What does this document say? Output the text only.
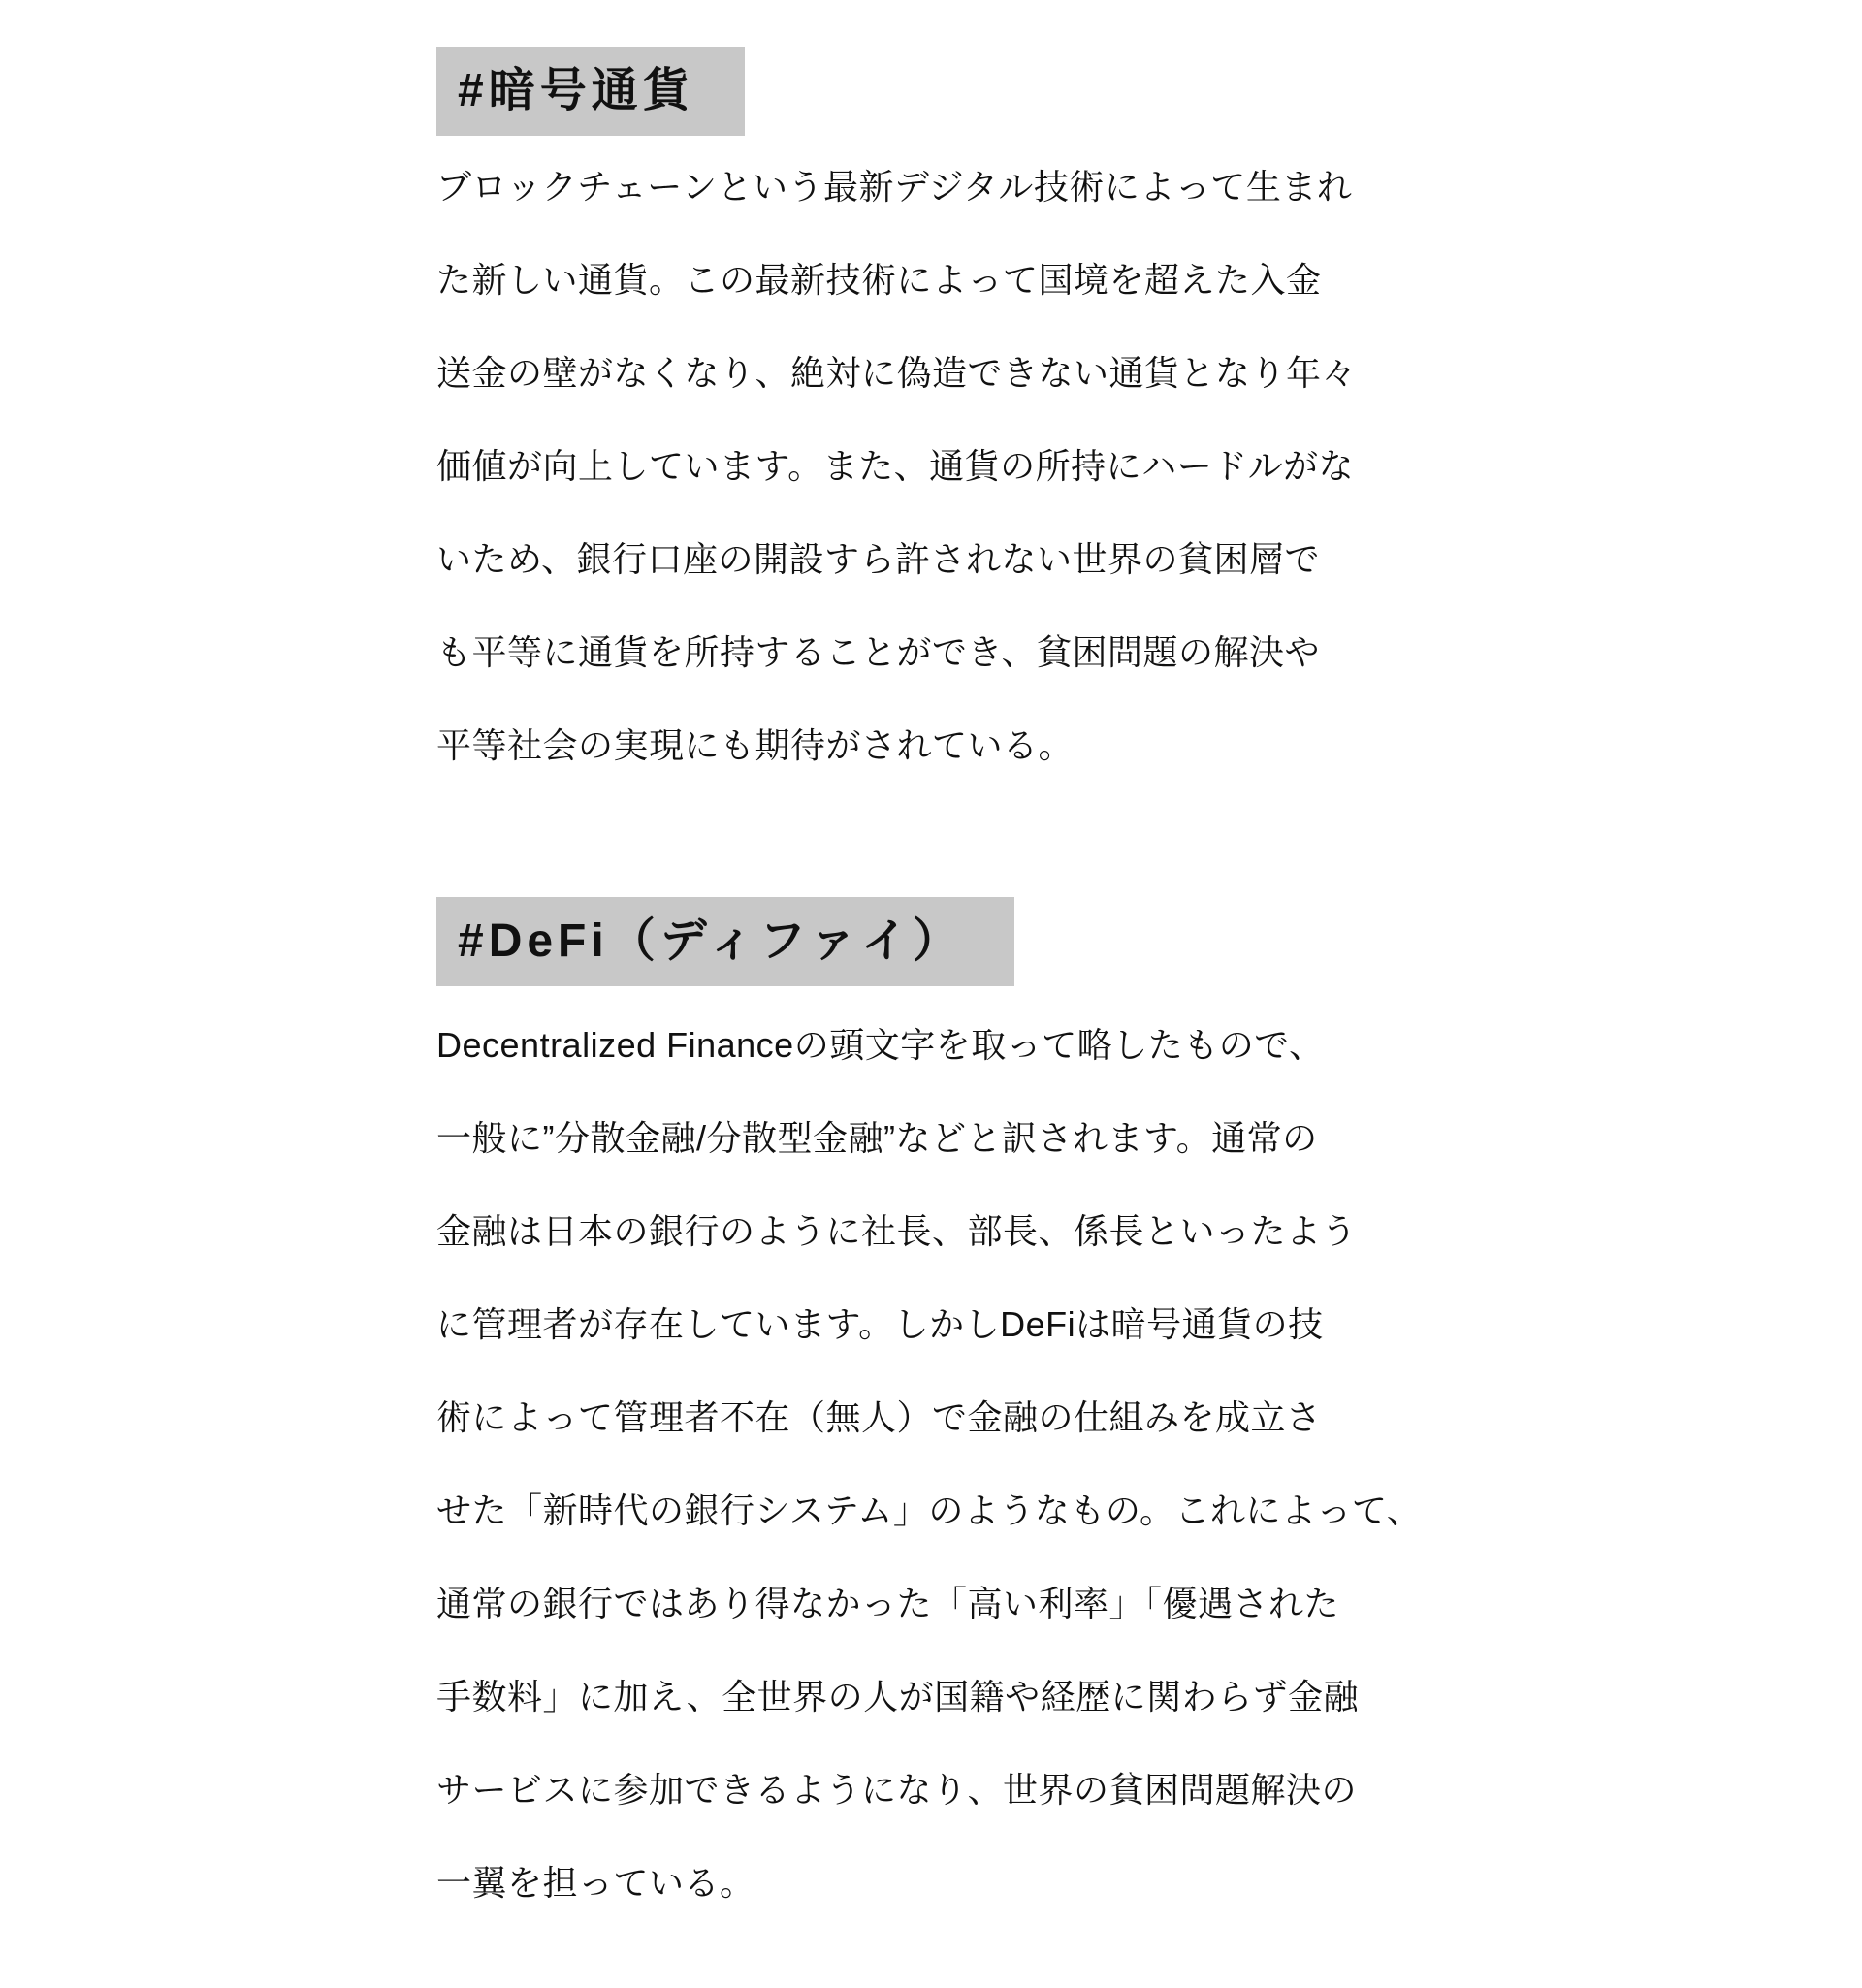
#暗号通貨
ブロックチェーンという最新デジタル技術によって生まれ
た新しい通貨。この最新技術によって国境を超えた入金
送金の壁がなくなり、絶対に偽造できない通貨となり年々
価値が向上しています。また、通貨の所持にハードルがな
いため、銀行口座の開設すら許されない世界の貧困層で
も平等に通貨を所持することができ、貧困問題の解決や
平等社会の実現にも期待がされている。
#DeFi（ディファイ）
Decentralized Financeの頭文字を取って略したもので、
一般に”分散金融/分散型金融”などと訳されます。通常の
金融は日本の銀行のように社長、部長、係長といったよう
に管理者が存在しています。しかしDeFiは暗号通貨の技
術によって管理者不在（無人）で金融の仕組みを成立さ
せた「新時代の銀行システム」のようなもの。これによって、
通常の銀行ではあり得なかった「高い利率」「優遇された
手数料」に加え、全世界の人が国籍や経歴に関わらず金融
サービスに参加できるようになり、世界の貧困問題解決の
一翼を担っている。
